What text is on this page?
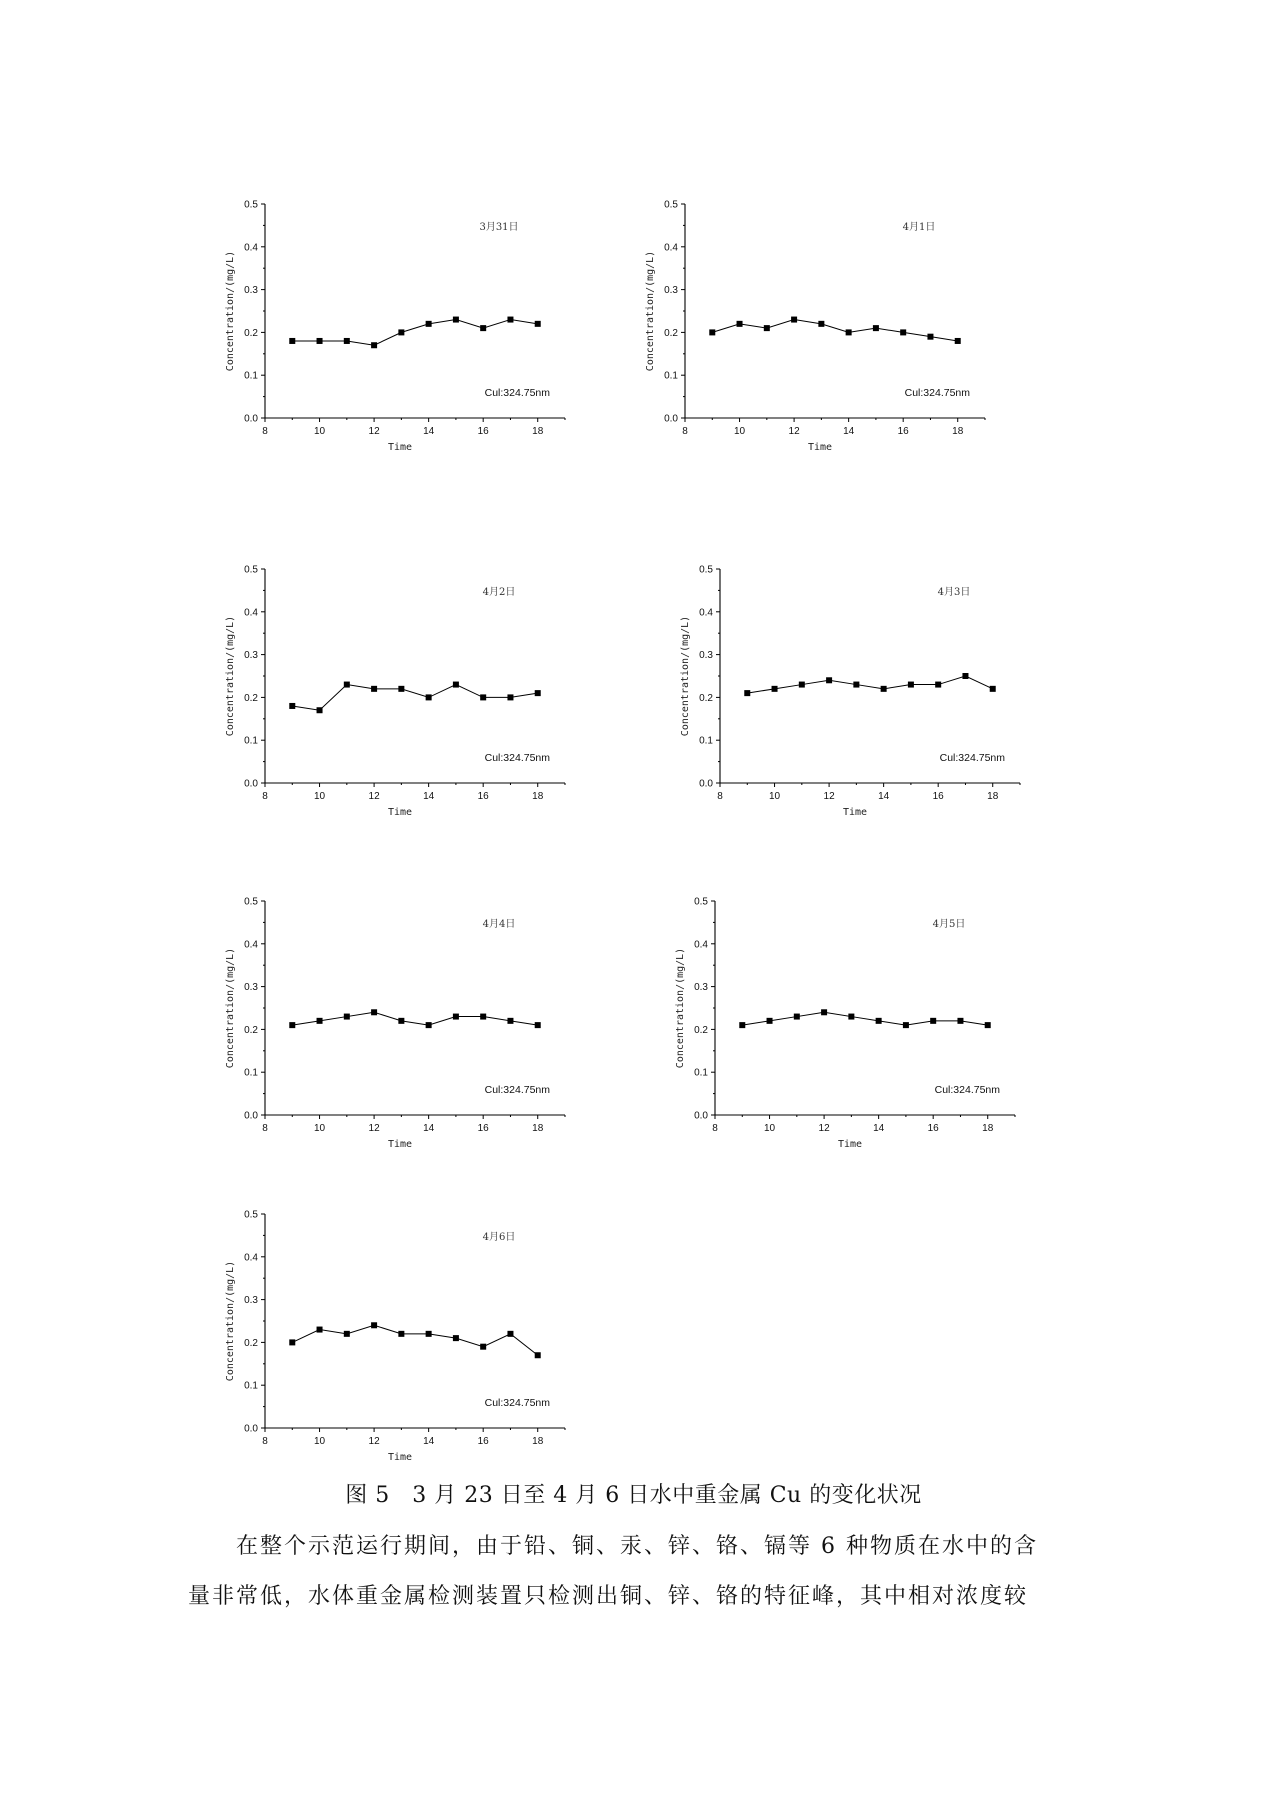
0.0
0.1
0.2
0.3
0.4
0.5
8	10	12	14	16	18
Time
Concentration/(mg/L)
3月31日
Cul:324.75nm
0.0
0.1
0.2
0.3
0.4
0.5
8	10	12	14	16	18
Time
Concentration/(mg/L)
4月1日
Cul:324.75nm
0.0
0.1
0.2
0.3
0.4
0.5
8	10	12	14	16	18
Time
Concentration/(mg/L)
4月2日
Cul:324.75nm
0.0
0.1
0.2
0.3
0.4
0.5
8	10	12	14	16	18
Time
Concentration/(mg/L)
4月3日
Cul:324.75nm
0.0
0.1
0.2
0.3
0.4
0.5
8	10	12	14	16	18
Time
Concentration/(mg/L)
4月4日
Cul:324.75nm
0.0
0.1
0.2
0.3
0.4
0.5
8	10	12	14	16	18
Time
Concentration/(mg/L)
4月5日
Cul:324.75nm
0.0
0.1
0.2
0.3
0.4
0.5
8	10	12	14	16	18
Time
Concentration/(mg/L)
4月6日
Cul:324.75nm
图 5　3 月 23 日至 4 月 6 日水中重金属 Cu 的变化状况
在整个示范运行期间，由于铅、铜、汞、锌、铬、镉等 6 种物质在水中的含
量非常低，水体重金属检测装置只检测出铜、锌、铬的特征峰，其中相对浓度较
